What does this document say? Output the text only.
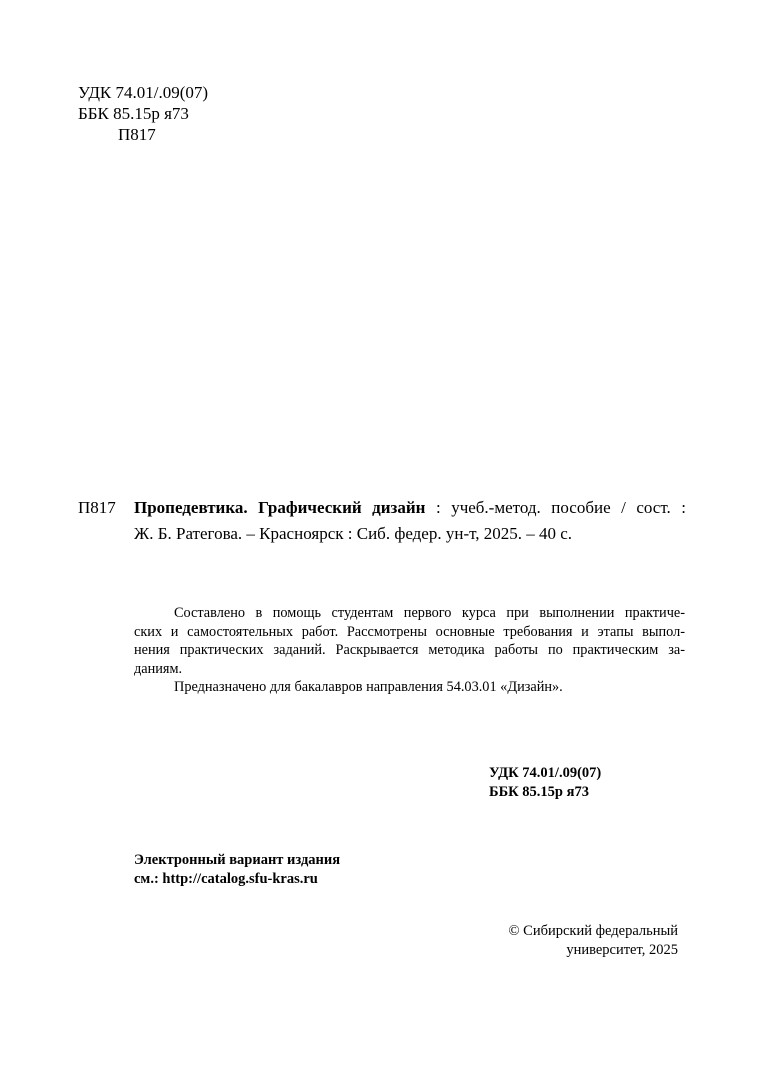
УДК 74.01/.09(07)
ББК 85.15р я73
П817
П817 Пропедевтика. Графический дизайн : учеб.-метод. пособие / сост. :
Ж. Б. Ратегова. – Красноярск : Сиб. федер. ун-т, 2025. – 40 с.
Составлено в помощь студентам первого курса при выполнении практиче-
ских и самостоятельных работ. Рассмотрены основные требования и этапы выпол-
нения практических заданий. Раскрывается методика работы по практическим за-
даниям.
Предназначено для бакалавров направления 54.03.01 «Дизайн».
УДК 74.01/.09(07)
ББК 85.15р я73
Электронный вариант издания
см.: http://catalog.sfu-kras.ru
© Сибирский федеральный
университет, 2025
